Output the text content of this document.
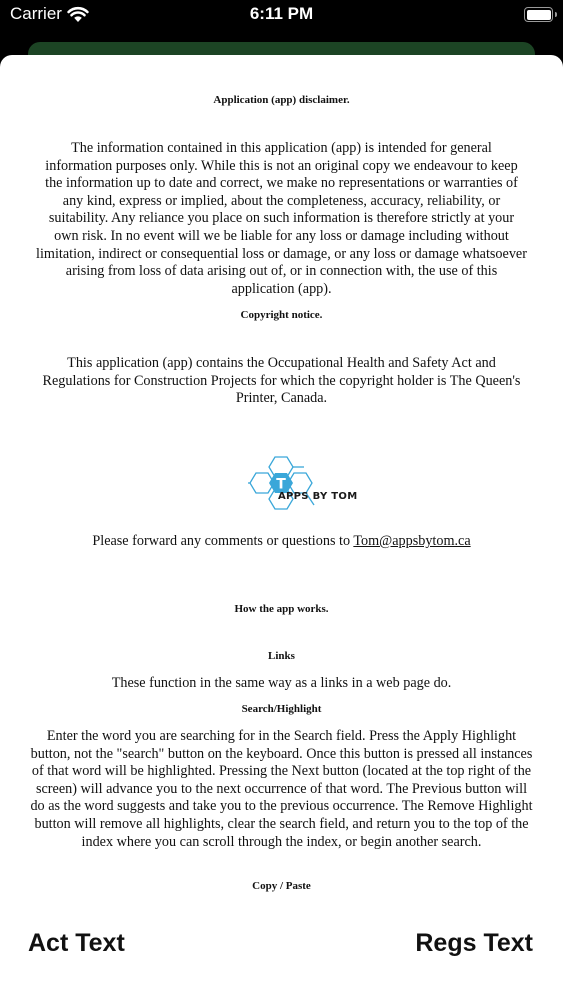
Carrier	6:11 PM
Application (app) disclaimer.
The information contained in this application (app) is intended for general information purposes only. While this is not an original copy we endeavour to keep the information up to date and correct, we make no representations or warranties of any kind, express or implied, about the completeness, accuracy, reliability, or suitability. Any reliance you place on such information is therefore strictly at your own risk. In no event will we be liable for any loss or damage including without limitation, indirect or consequential loss or damage, or any loss or damage whatsoever arising from loss of data arising out of, or in connection with, the use of this application (app).
Copyright notice.
This application (app) contains the Occupational Health and Safety Act and Regulations for Construction Projects for which the copyright holder is The Queen's Printer, Canada.
T
APPS BY TOM
Please forward any comments or questions to Tom@appsbytom.ca
How the app works.
Links
These function in the same way as a links in a web page do.
Search/Highlight
Enter the word you are searching for in the Search field. Press the Apply Highlight button, not the "search" button on the keyboard. Once this button is pressed all instances of that word will be highlighted. Pressing the Next button (located at the top right of the screen) will advance you to the next occurrence of that word. The Previous button will do as the word suggests and take you to the previous occurrence. The Remove Highlight button will remove all highlights, clear the search field, and return you to the top of the index where you can scroll through the index, or begin another search.
Copy / Paste
Act Text	Regs Text
